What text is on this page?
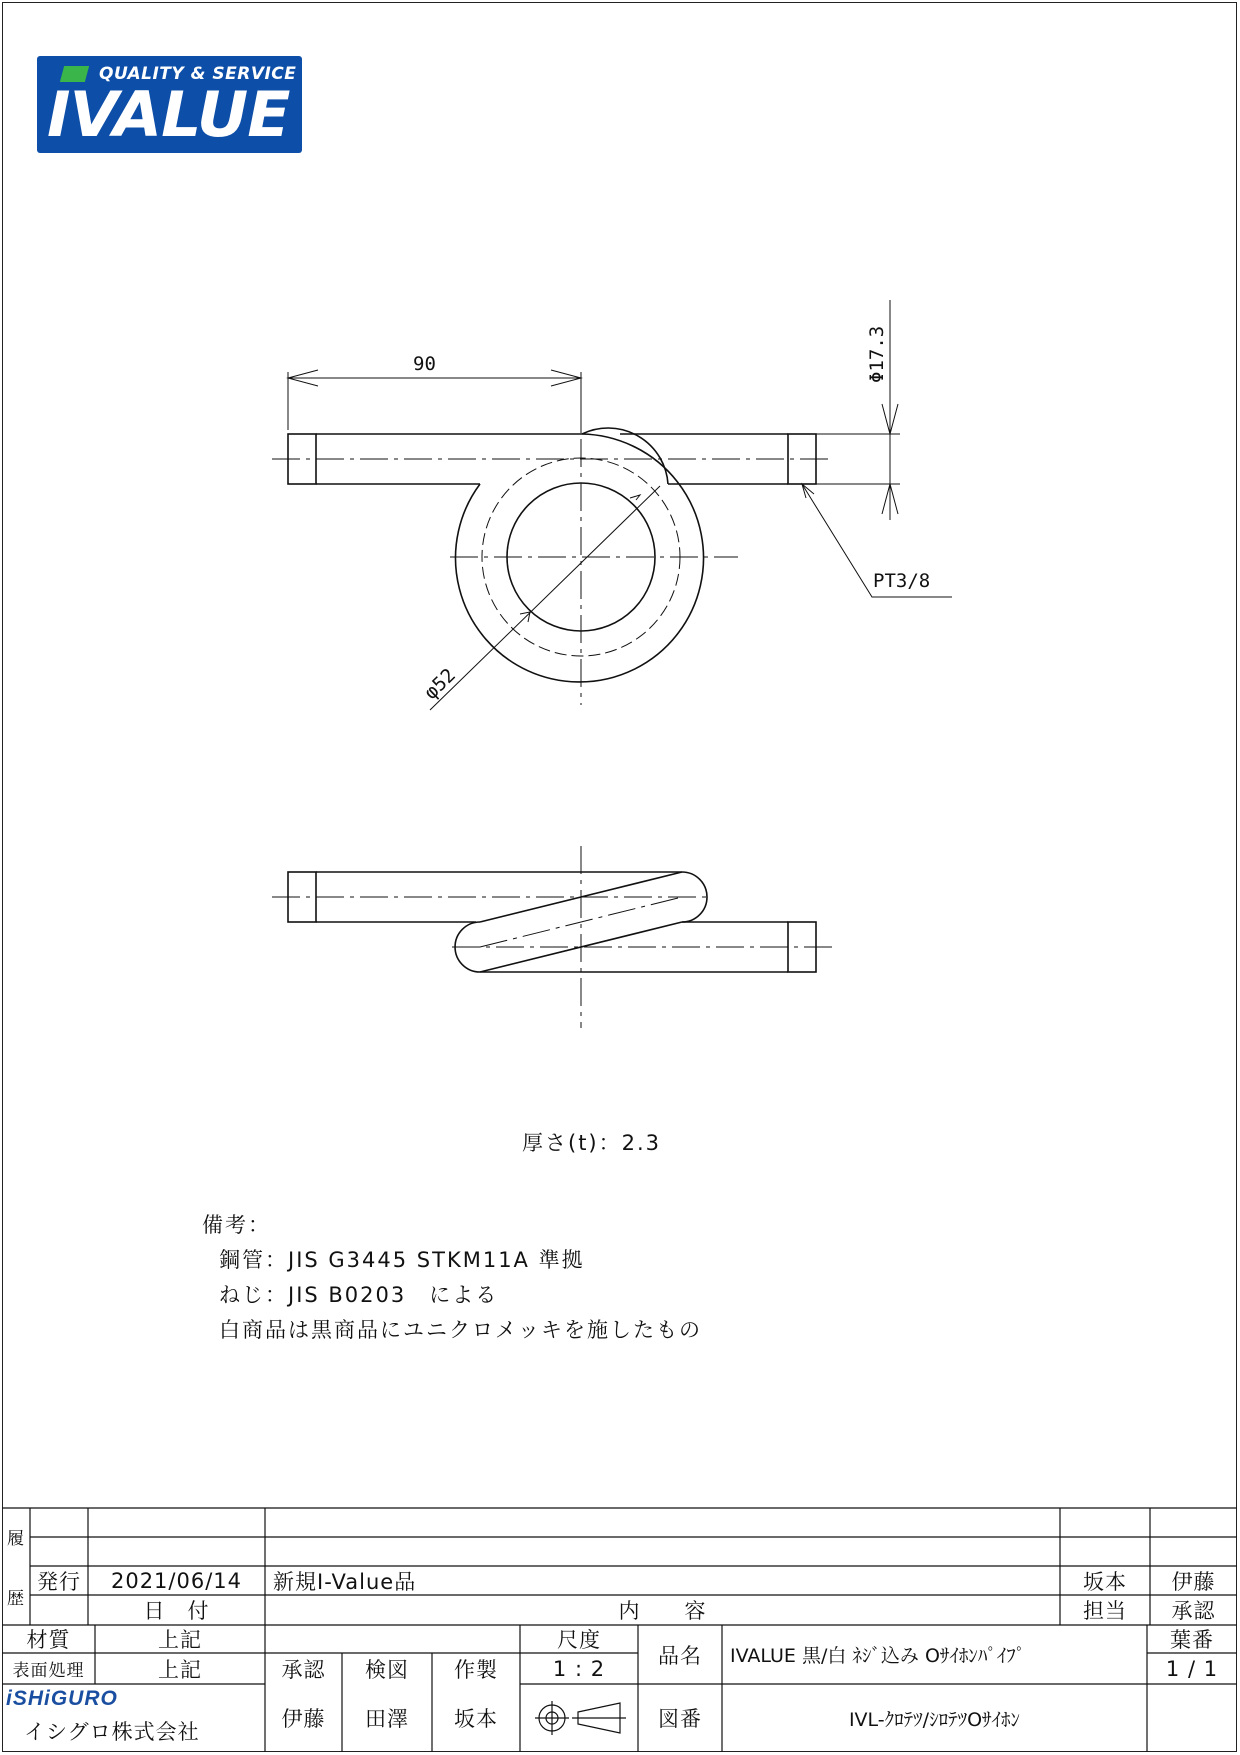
QUALITY & SERVICE
IVALUE
90	Φ17.3
PT3/8
φ52
厚さ(t)：2.3
備考：
鋼管：JIS G3445 STKM11A 準拠
ねじ：JIS B0203　による
白商品は黒商品にユニクロメッキを施したもの
履
歴
発行	2021/06/14	新規I-Value品	坂本	伊藤
日　付	内　　容	担当	承認
材質	上記
表面処理	上記	承認	検図	作製
伊藤	田澤	坂本
尺度
1 : 2
品名	IVALUE 黒/白 ﾈｼﾞ込み Oｻｲﾎﾝﾊﾟｲﾌﾟ
葉番
1 / 1
図番	IVL-ｸﾛﾃﾂ/ｼﾛﾃﾂOｻｲﾎﾝ
iSHiGURO
イシグロ株式会社
